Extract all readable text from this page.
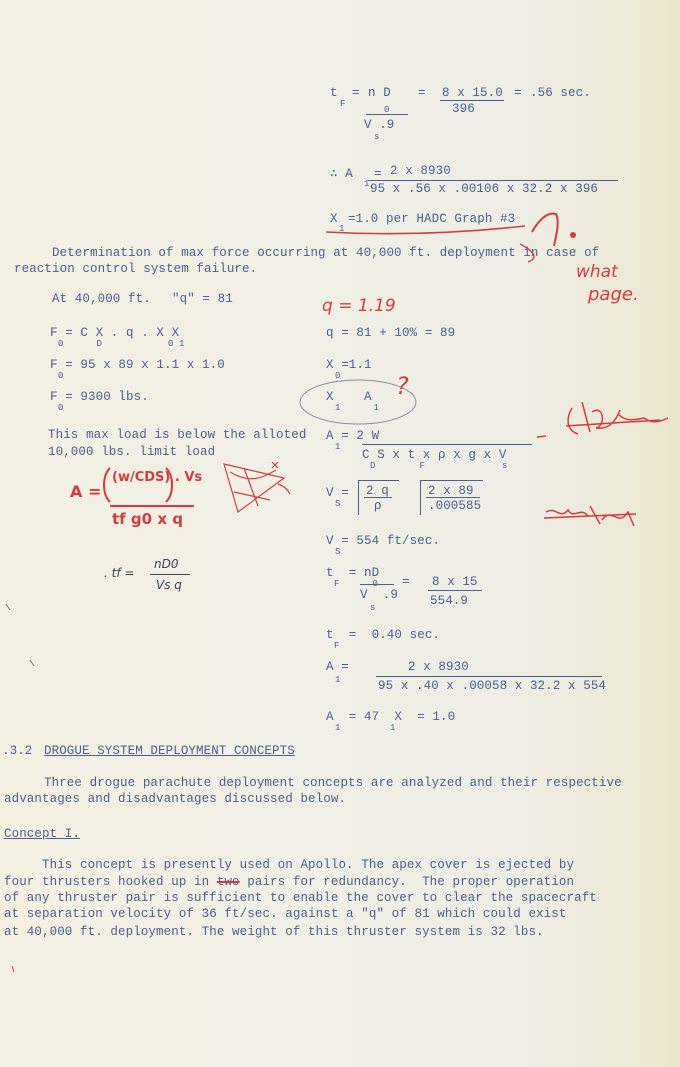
t
F
= n D
0
V .9
s
= 8 x 15.0
396
= .56 sec.
∴ A
1
= 2 x 8930
95 x .56 x .00106 x 32.2 x 396
X
1
=1.0 per HADC Graph #3
Determination of max force occurring at 40,000 ft. deployment in case of
reaction control system failure.
At 40,000 ft. "q" = 81
F = C X . q . X X
0      D            0 1
F = 95 x 89 x 1.1 x 1.0
0
F = 9300 lbs.
0
This max load is below the alloted
10,000 lbs. limit load
q = 81 + 10% = 89
X =1.1
0
X    A
1      1
A = 2 W
1
C S x t x ρ x g x V
D        F              s
V =
S
2 q
ρ
2 x 89
.000585
V = 554 ft/sec.
S
t  = nD
F      0
V  .9
s
= 8 x 15
554.9
t  =  0.40 sec.
F
A =
1
2 x 8930
95 x .40 x .00058 x 32.2 x 554
A  = 47  X  = 1.0
1         1
.3.2 DROGUE SYSTEM DEPLOYMENT CONCEPTS
Three drogue parachute deployment concepts are analyzed and their respective
advantages and disadvantages discussed below.
Concept I.
This concept is presently used on Apollo. The apex cover is ejected by
four thrusters hooked up in two pairs for redundancy.  The proper operation
of any thruster pair is sufficient to enable the cover to clear the spacecraft
at separation velocity of 36 ft/sec. against a "q" of 81 which could exist
at 40,000 ft. deployment. The weight of this thruster system is 32 lbs.
q = 1.19
?
what
page.
A =
(w/CDS) . Vs
tf g0 x q
. tf =
nD0
Vs q
